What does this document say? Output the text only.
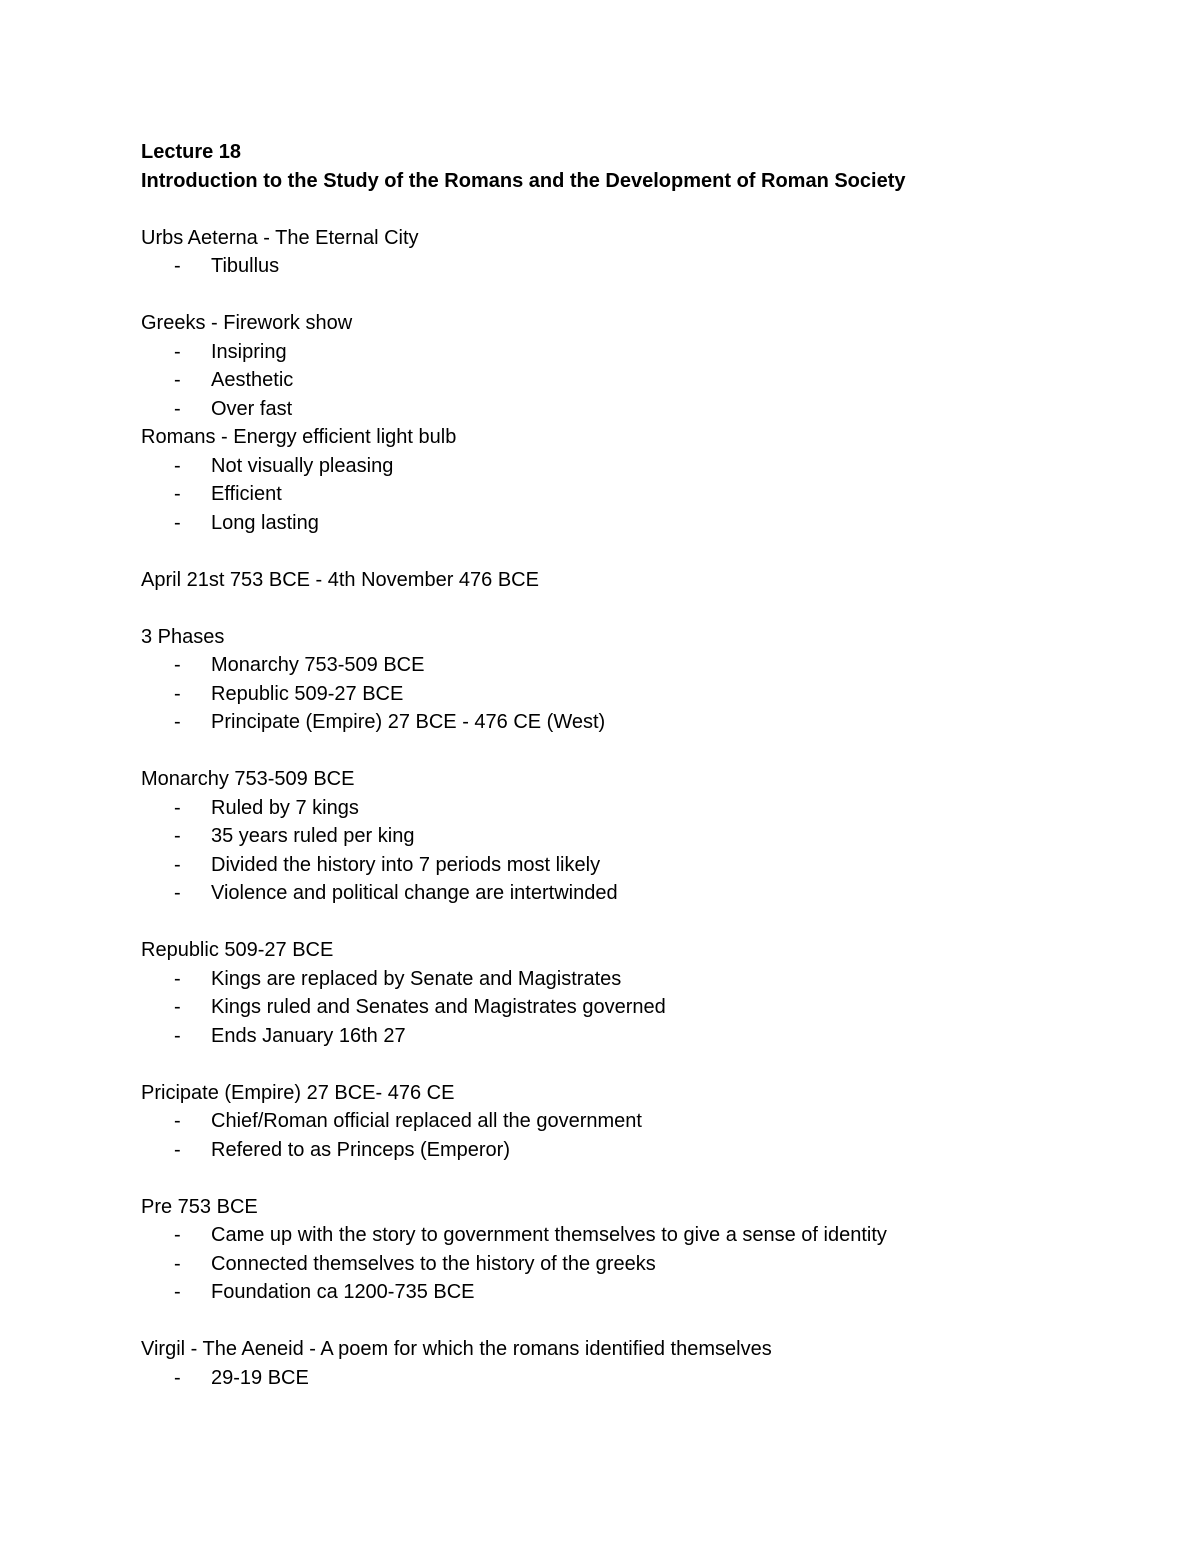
Lecture 18
Introduction to the Study of the Romans and the Development of Roman Society
Urbs Aeterna - The Eternal City
- Tibullus
Greeks - Firework show
- Insipring
- Aesthetic
- Over fast
Romans - Energy efficient light bulb
- Not visually pleasing
- Efficient
- Long lasting
April 21st 753 BCE - 4th November 476 BCE
3 Phases
- Monarchy 753-509 BCE
- Republic 509-27 BCE
- Principate (Empire) 27 BCE - 476 CE (West)
Monarchy 753-509 BCE
- Ruled by 7 kings
- 35 years ruled per king
- Divided the history into 7 periods most likely
- Violence and political change are intertwinded
Republic 509-27 BCE
- Kings are replaced by Senate and Magistrates
- Kings ruled and Senates and Magistrates governed
- Ends January 16th 27
Pricipate (Empire) 27 BCE- 476 CE
- Chief/Roman official replaced all the government
- Refered to as Princeps (Emperor)
Pre 753 BCE
- Came up with the story to government themselves to give a sense of identity
- Connected themselves to the history of the greeks
- Foundation ca 1200-735 BCE
Virgil - The Aeneid - A poem for which the romans identified themselves
- 29-19 BCE
